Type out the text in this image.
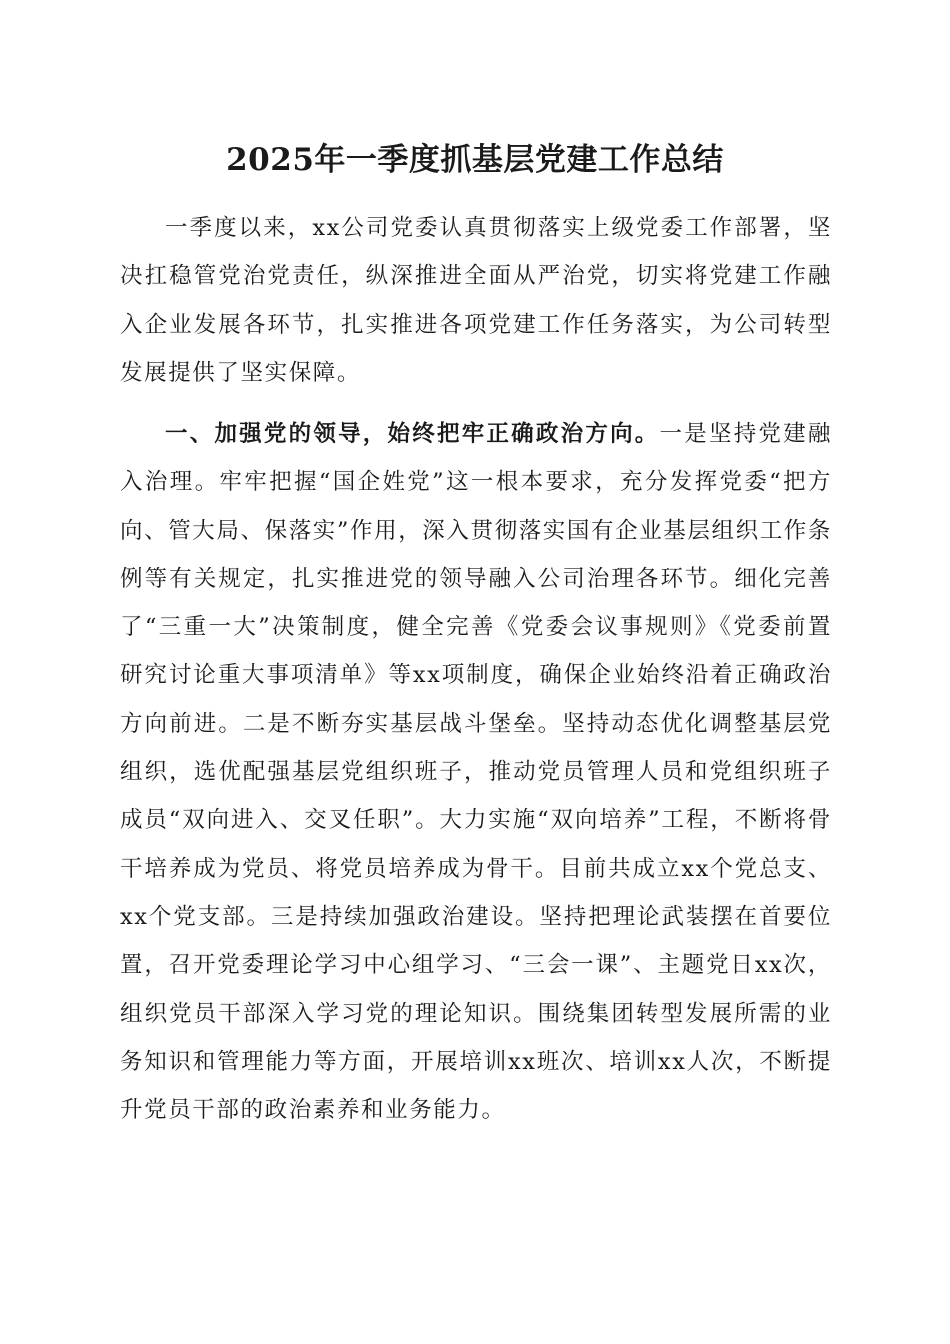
2025年一季度抓基层党建工作总结

一季度以来，xx公司党委认真贯彻落实上级党委工作部署，坚决扛稳管党治党责任，纵深推进全面从严治党，切实将党建工作融入企业发展各环节，扎实推进各项党建工作任务落实，为公司转型发展提供了坚实保障。

一、加强党的领导，始终把牢正确政治方向。一是坚持党建融入治理。牢牢把握“国企姓党”这一根本要求，充分发挥党委“把方向、管大局、保落实”作用，深入贯彻落实国有企业基层组织工作条例等有关规定，扎实推进党的领导融入公司治理各环节。细化完善了“三重一大”决策制度，健全完善《党委会议事规则》《党委前置研究讨论重大事项清单》等xx项制度，确保企业始终沿着正确政治方向前进。二是不断夯实基层战斗堡垒。坚持动态优化调整基层党组织，选优配强基层党组织班子，推动党员管理人员和党组织班子成员“双向进入、交叉任职”。大力实施“双向培养”工程，不断将骨干培养成为党员、将党员培养成为骨干。目前共成立xx个党总支、xx个党支部。三是持续加强政治建设。坚持把理论武装摆在首要位置，召开党委理论学习中心组学习、“三会一课”、主题党日xx次，组织党员干部深入学习党的理论知识。围绕集团转型发展所需的业务知识和管理能力等方面，开展培训xx班次、培训xx人次，不断提升党员干部的政治素养和业务能力。
